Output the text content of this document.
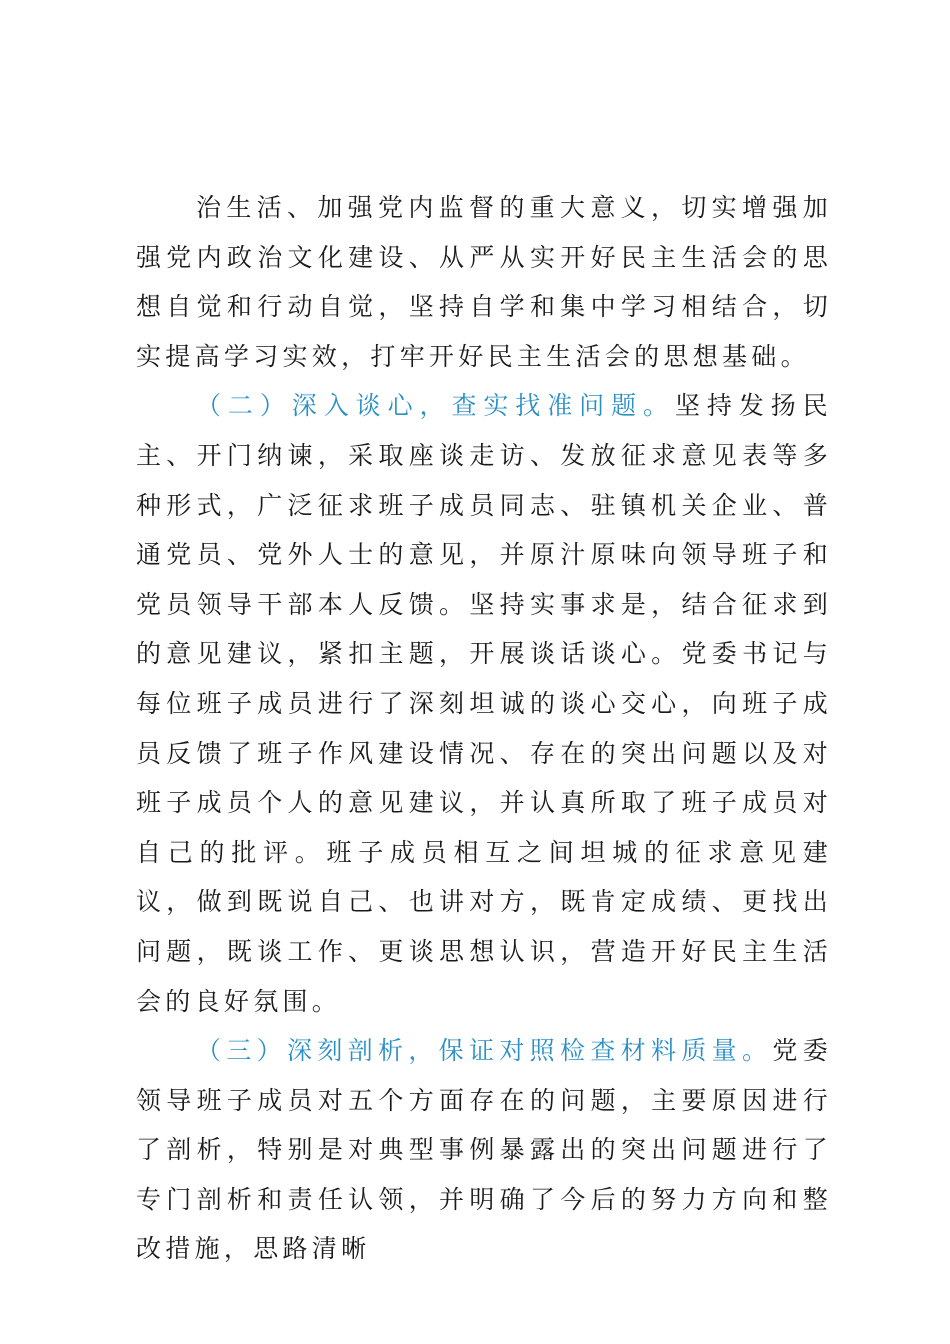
治生活、加强党内监督的重大意义，切实增强加强党内政治文化建设、从严从实开好民主生活会的思想自觉和行动自觉，坚持自学和集中学习相结合，切实提高学习实效，打牢开好民主生活会的思想基础。

（二）深入谈心，查实找准问题。坚持发扬民主、开门纳谏，采取座谈走访、发放征求意见表等多种形式，广泛征求班子成员同志、驻镇机关企业、普通党员、党外人士的意见，并原汁原味向领导班子和党员领导干部本人反馈。坚持实事求是，结合征求到的意见建议，紧扣主题，开展谈话谈心。党委书记与每位班子成员进行了深刻坦诚的谈心交心，向班子成员反馈了班子作风建设情况、存在的突出问题以及对班子成员个人的意见建议，并认真所取了班子成员对自己的批评。班子成员相互之间坦城的征求意见建议，做到既说自己、也讲对方，既肯定成绩、更找出问题，既谈工作、更谈思想认识，营造开好民主生活会的良好氛围。

（三）深刻剖析，保证对照检查材料质量。党委领导班子成员对五个方面存在的问题，主要原因进行了剖析，特别是对典型事例暴露出的突出问题进行了专门剖析和责任认领，并明确了今后的努力方向和整改措施，思路清晰
